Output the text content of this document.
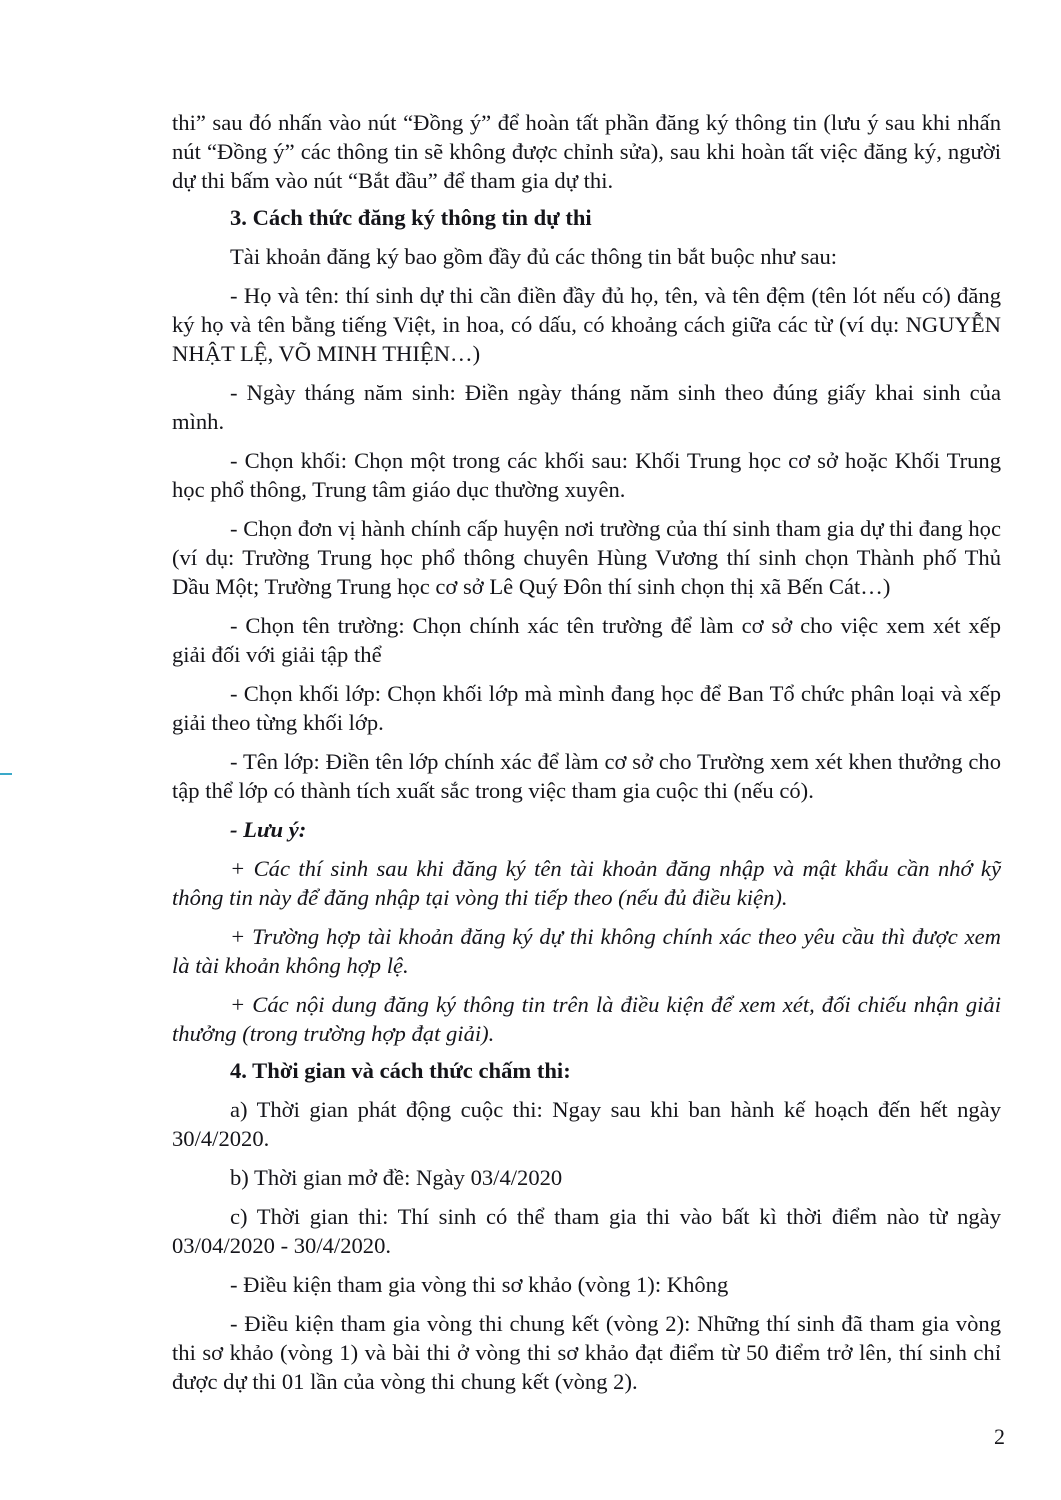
thi” sau đó nhấn vào nút “Đồng ý” để hoàn tất phần đăng ký thông tin (lưu ý sau khi nhấn nút “Đồng ý” các thông tin sẽ không được chỉnh sửa), sau khi hoàn tất việc đăng ký, người dự thi bấm vào nút “Bắt đầu” để tham gia dự thi.

3. Cách thức đăng ký thông tin dự thi

Tài khoản đăng ký bao gồm đầy đủ các thông tin bắt buộc như sau:

- Họ và tên: thí sinh dự thi cần điền đầy đủ họ, tên, và tên đệm (tên lót nếu có) đăng ký họ và tên bằng tiếng Việt, in hoa, có dấu, có khoảng cách giữa các từ (ví dụ: NGUYỄN NHẬT LỆ, VÕ MINH THIỆN…)

- Ngày tháng năm sinh: Điền ngày tháng năm sinh theo đúng giấy khai sinh của mình.

- Chọn khối: Chọn một trong các khối sau: Khối Trung học cơ sở hoặc Khối Trung học phổ thông, Trung tâm giáo dục thường xuyên.

- Chọn đơn vị hành chính cấp huyện nơi trường của thí sinh tham gia dự thi đang học (ví dụ: Trường Trung học phổ thông chuyên Hùng Vương thí sinh chọn Thành phố Thủ Dầu Một; Trường Trung học cơ sở Lê Quý Đôn thí sinh chọn thị xã Bến Cát…)

- Chọn tên trường: Chọn chính xác tên trường để làm cơ sở cho việc xem xét xếp giải đối với giải tập thể

- Chọn khối lớp: Chọn khối lớp mà mình đang học để Ban Tổ chức phân loại và xếp giải theo từng khối lớp.

- Tên lớp: Điền tên lớp chính xác để làm cơ sở cho Trường xem xét khen thưởng cho tập thể lớp có thành tích xuất sắc trong việc tham gia cuộc thi (nếu có).

- Lưu ý:

+ Các thí sinh sau khi đăng ký tên tài khoản đăng nhập và mật khẩu cần nhớ kỹ thông tin này để đăng nhập tại vòng thi tiếp theo (nếu đủ điều kiện).

+ Trường hợp tài khoản đăng ký dự thi không chính xác theo yêu cầu thì được xem là tài khoản không hợp lệ.

+ Các nội dung đăng ký thông tin trên là điều kiện để xem xét, đối chiếu nhận giải thưởng (trong trường hợp đạt giải).

4. Thời gian và cách thức chấm thi:

a) Thời gian phát động cuộc thi: Ngay sau khi ban hành kế hoạch đến hết ngày 30/4/2020.

b) Thời gian mở đề: Ngày 03/4/2020

c) Thời gian thi: Thí sinh có thể tham gia thi vào bất kì thời điểm nào từ ngày 03/04/2020 - 30/4/2020.

- Điều kiện tham gia vòng thi sơ khảo (vòng 1): Không

- Điều kiện tham gia vòng thi chung kết (vòng 2): Những thí sinh đã tham gia vòng thi sơ khảo (vòng 1) và bài thi ở vòng thi sơ khảo đạt điểm từ 50 điểm trở lên, thí sinh chỉ được dự thi 01 lần của vòng thi chung kết (vòng 2).

2
